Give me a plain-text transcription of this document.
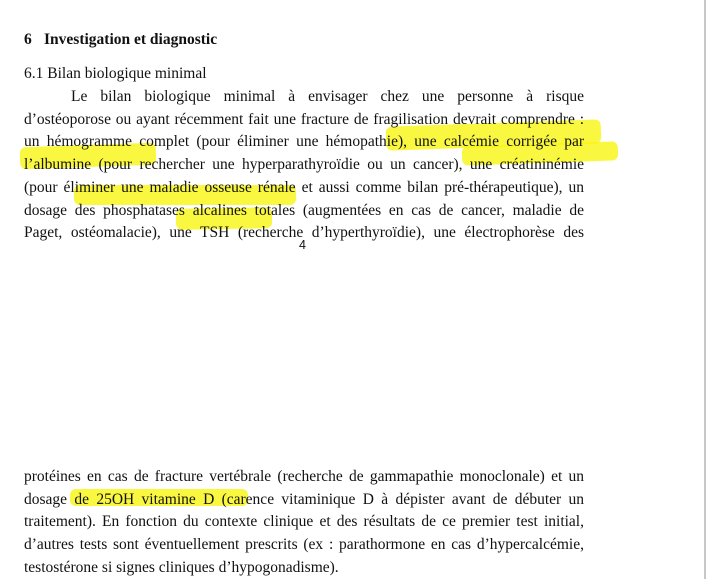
6 Investigation et diagnostic
6.1 Bilan biologique minimal
Le bilan biologique minimal à envisager chez une personne à risque
d’ostéoporose ou ayant récemment fait une fracture de fragilisation devrait comprendre :
un hémogramme complet (pour éliminer une hémopathie), une calcémie corrigée par
l’albumine (pour rechercher une hyperparathyroïdie ou un cancer), une créatininémie
(pour éliminer une maladie osseuse rénale et aussi comme bilan pré-thérapeutique), un
dosage des phosphatases alcalines totales (augmentées en cas de cancer, maladie de
Paget, ostéomalacie), une TSH (recherche d’hyperthyroïdie), une électrophorèse des
4
protéines en cas de fracture vertébrale (recherche de gammapathie monoclonale) et un
dosage de 25OH vitamine D (carence vitaminique D à dépister avant de débuter un
traitement). En fonction du contexte clinique et des résultats de ce premier test initial,
d’autres tests sont éventuellement prescrits (ex : parathormone en cas d’hypercalcémie,
testostérone si signes cliniques d’hypogonadisme).
